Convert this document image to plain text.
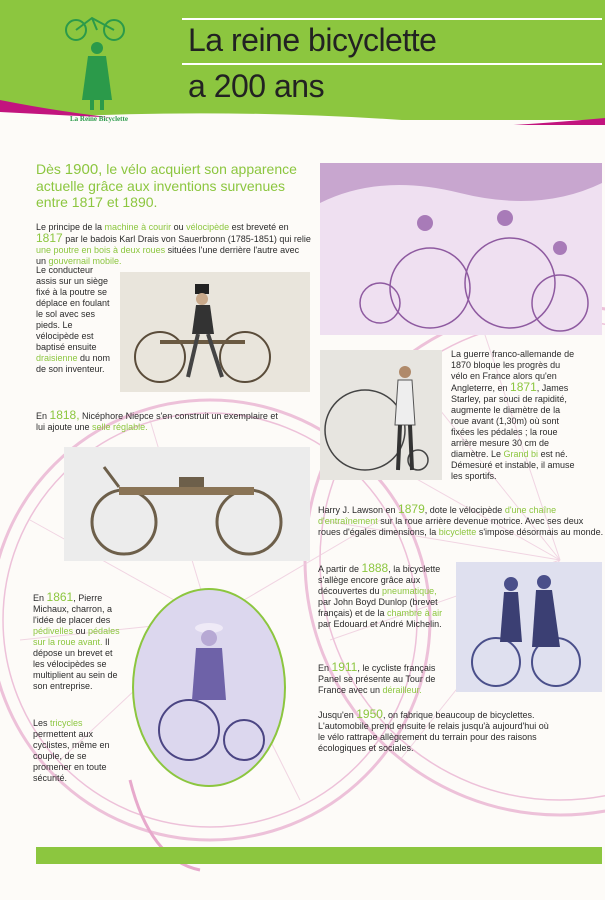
La Reine Bicyclette
La reine bicyclette
a 200 ans
Dès 1900, le vélo acquiert son apparence actuelle grâce aux inventions survenues entre 1817 et 1890.
Le principe de la machine à courir ou vélocipède est breveté en 1817 par le badois Karl Drais von Sauerbronn (1785-1851) qui relie une poutre en bois à deux roues situées l'une derrière l'autre avec un gouvernail mobile.
Le conducteur assis sur un siège fixé à la poutre se déplace en foulant le sol avec ses pieds. Le vélocipède est baptisé ensuite draisienne du nom de son inventeur.

En 1818, Nicéphore Niepce s'en construit un exemplaire et lui ajoute une selle réglable.
La guerre franco-allemande de 1870 bloque les progrès du vélo en France alors qu'en Angleterre, en 1871, James Starley, par souci de rapidité, augmente le diamètre de la roue avant (1,30m) où sont fixées les pédales ; la roue arrière mesure 30 cm de diamètre. Le Grand bi est né. Démesuré et instable, il amuse les sportifs.
Harry J. Lawson en 1879, dote le vélocipède d'une chaîne d'entraînement sur la roue arrière devenue motrice. Avec ses deux roues d'égales dimensions, la bicyclette s'impose désormais au monde.
A partir de 1888, la bicyclette s'allège encore grâce aux découvertes du pneumatique, par John Boyd Dunlop (brevet français) et de la chambre à air par Edouard et André Michelin.
En 1911, le cycliste français Panel se présente au Tour de France avec un dérailleur.
Jusqu'en 1950, on fabrique beaucoup de bicyclettes. L'automobile prend ensuite le relais jusqu'à aujourd'hui où le vélo rattrape allègrement du terrain pour des raisons écologiques et sociales.
En 1861, Pierre Michaux, charron, a l'idée de placer des pédivelles ou pédales sur la roue avant. Il dépose un brevet et les vélocipèdes se multiplient au sein de son entreprise.
Les tricycles permettent aux cyclistes, même en couple, de se promener en toute sécurité.
